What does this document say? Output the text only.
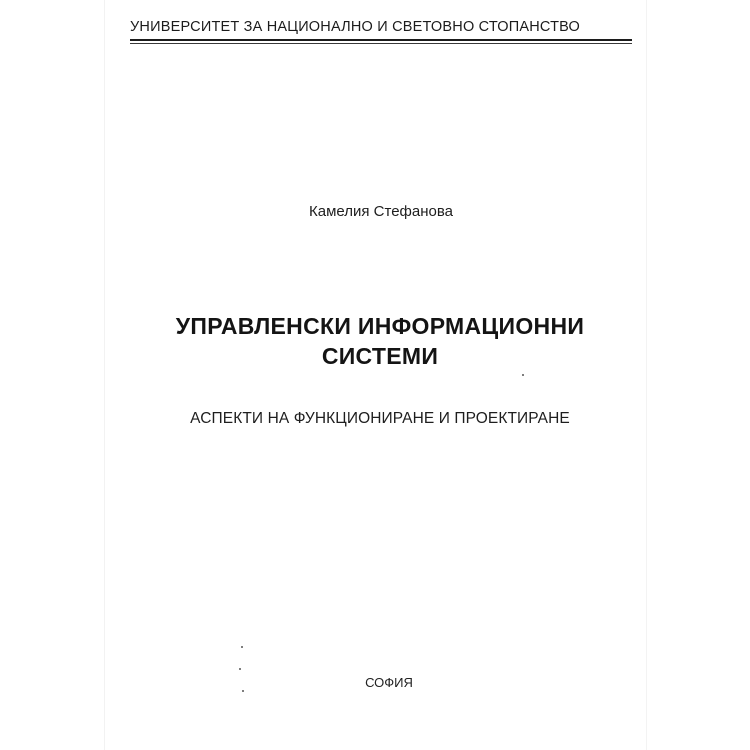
УНИВЕРСИТЕТ ЗА НАЦИОНАЛНО И СВЕТОВНО СТОПАНСТВО
Камелия Стефанова
УПРАВЛЕНСКИ ИНФОРМАЦИОННИ
СИСТЕМИ
АСПЕКТИ НА ФУНКЦИОНИРАНЕ И ПРОЕКТИРАНЕ
СОФИЯ
